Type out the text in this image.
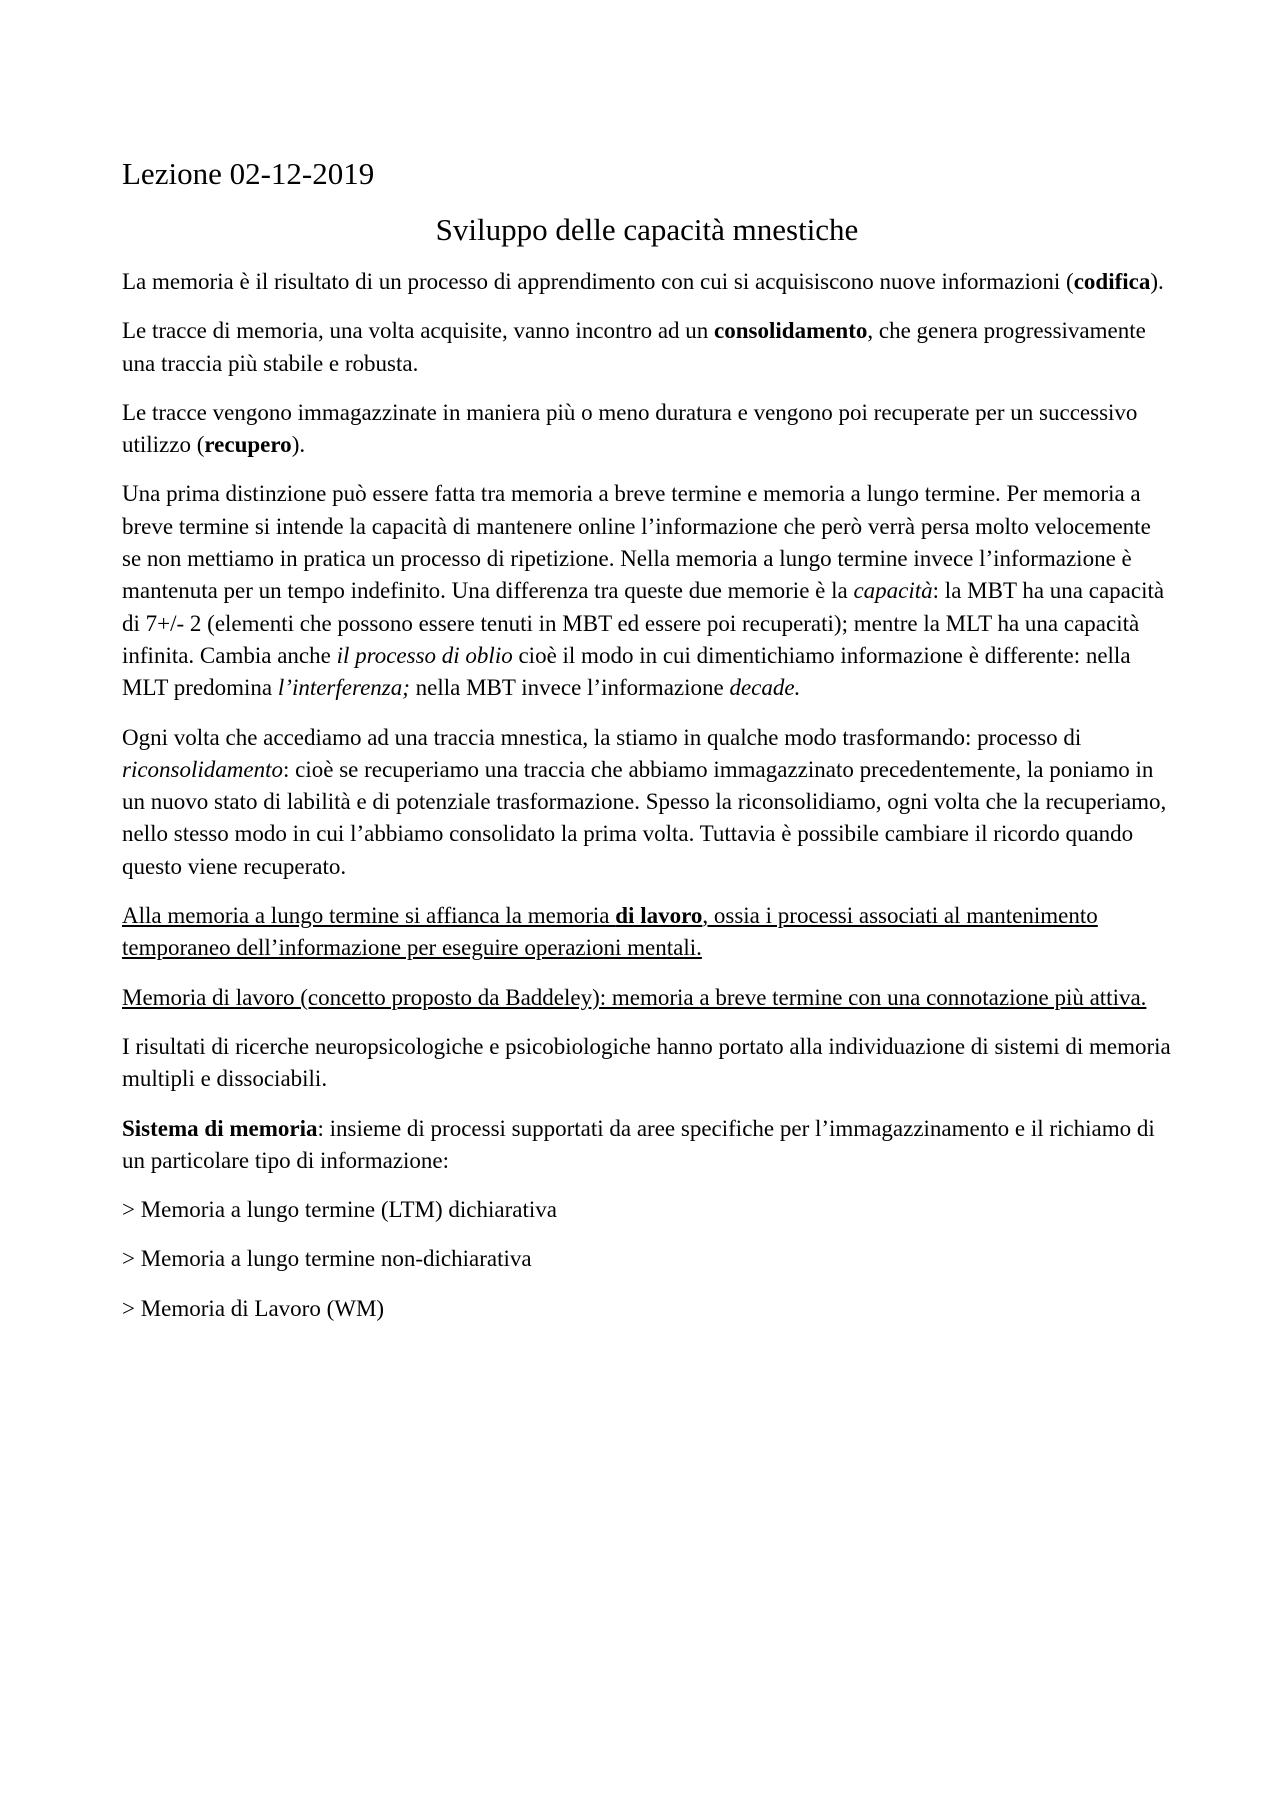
Lezione 02-12-2019
Sviluppo delle capacità mnestiche

La memoria è il risultato di un processo di apprendimento con cui si acquisiscono nuove informazioni (codifica).

Le tracce di memoria, una volta acquisite, vanno incontro ad un consolidamento, che genera progressivamente una traccia più stabile e robusta.

Le tracce vengono immagazzinate in maniera più o meno duratura e vengono poi recuperate per un successivo utilizzo (recupero).

Una prima distinzione può essere fatta tra memoria a breve termine e memoria a lungo termine. Per memoria a breve termine si intende la capacità di mantenere online l’informazione che però verrà persa molto velocemente se non mettiamo in pratica un processo di ripetizione. Nella memoria a lungo termine invece l’informazione è mantenuta per un tempo indefinito. Una differenza tra queste due memorie è la capacità: la MBT ha una capacità di 7+/- 2 (elementi che possono essere tenuti in MBT ed essere poi recuperati); mentre la MLT ha una capacità infinita. Cambia anche il processo di oblio cioè il modo in cui dimentichiamo informazione è differente: nella MLT predomina l’interferenza; nella MBT invece l’informazione decade.

Ogni volta che accediamo ad una traccia mnestica, la stiamo in qualche modo trasformando: processo di riconsolidamento: cioè se recuperiamo una traccia che abbiamo immagazzinato precedentemente, la poniamo in un nuovo stato di labilità e di potenziale trasformazione. Spesso la riconsolidiamo, ogni volta che la recuperiamo, nello stesso modo in cui l’abbiamo consolidato la prima volta. Tuttavia è possibile cambiare il ricordo quando questo viene recuperato.

Alla memoria a lungo termine si affianca la memoria di lavoro, ossia i processi associati al mantenimento temporaneo dell’informazione per eseguire operazioni mentali.

Memoria di lavoro (concetto proposto da Baddeley): memoria a breve termine con una connotazione più attiva.

I risultati di ricerche neuropsicologiche e psicobiologiche hanno portato alla individuazione di sistemi di memoria multipli e dissociabili.

Sistema di memoria: insieme di processi supportati da aree specifiche per l’immagazzinamento e il richiamo di un particolare tipo di informazione:

> Memoria a lungo termine (LTM) dichiarativa
> Memoria a lungo termine non-dichiarativa
> Memoria di Lavoro (WM)
